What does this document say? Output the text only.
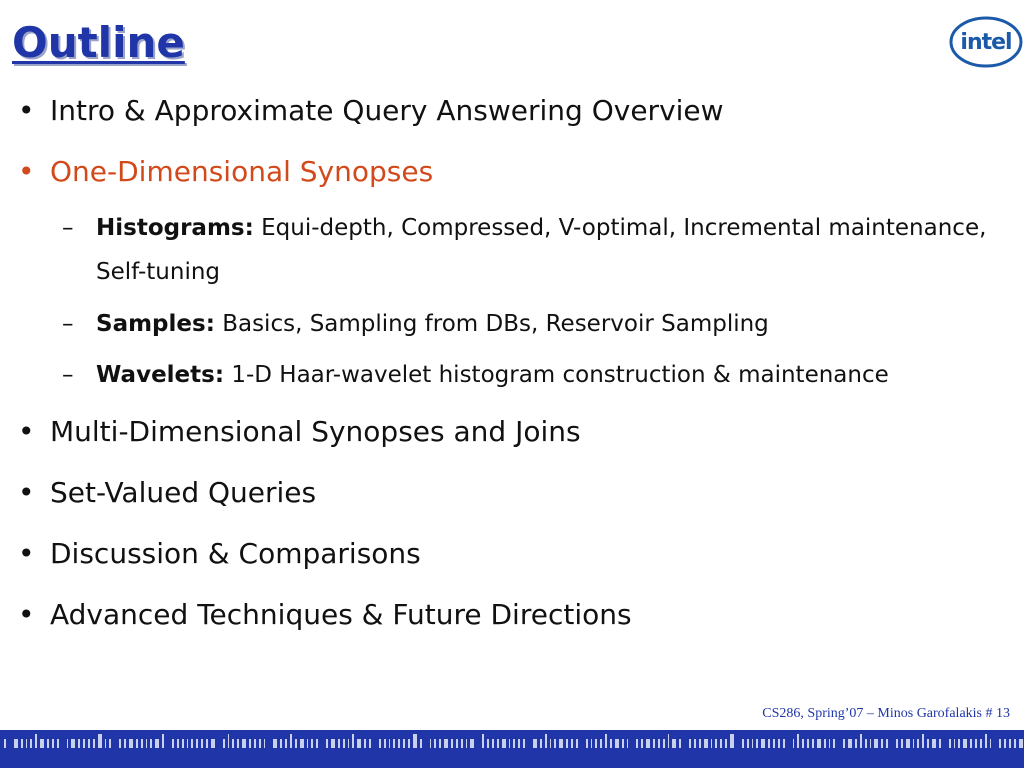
Outline	intel
• Intro & Approximate Query Answering Overview
• One-Dimensional Synopses
– Histograms: Equi-depth, Compressed, V-optimal, Incremental maintenance, Self-tuning
– Samples: Basics, Sampling from DBs, Reservoir Sampling
– Wavelets: 1-D Haar-wavelet histogram construction & maintenance
• Multi-Dimensional Synopses and Joins
• Set-Valued Queries
• Discussion & Comparisons
• Advanced Techniques & Future Directions
CS286, Spring’07 – Minos Garofalakis # 13
